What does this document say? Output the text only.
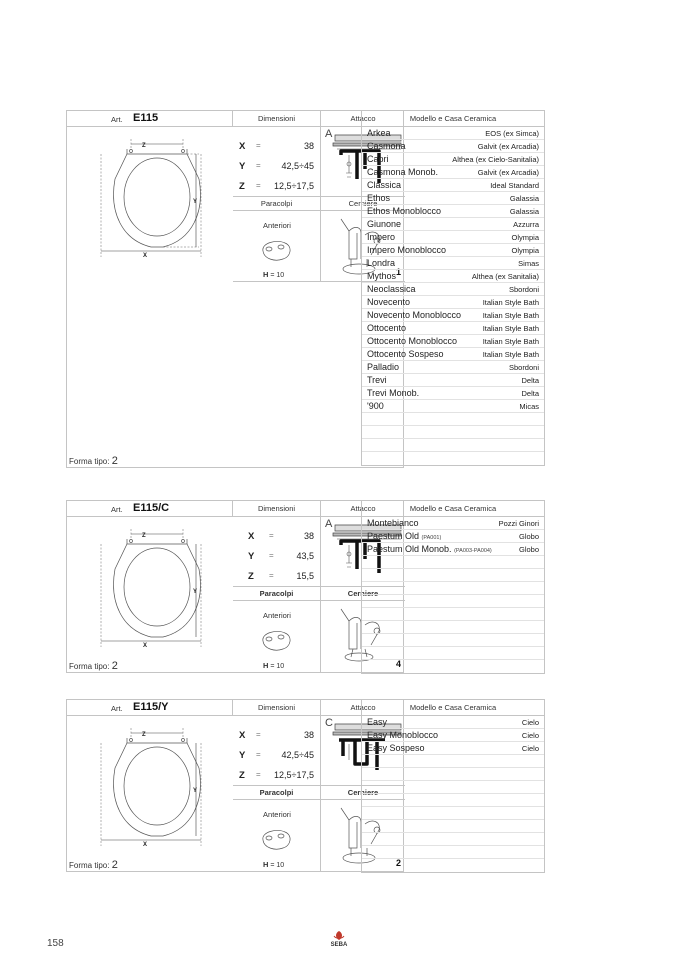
Art. E115	Dimensioni	Attacco
Z
X
Y
Forma tipo: 2
X =	38
Y = 42,5÷45
Z = 12,5÷17,5
A
Paracolpi	Cerniere
Anteriori
H = 10	1
Modello e Casa Ceramica
Arkea	EOS (ex Simca)
Casmona	Galvit (ex Arcadia)
Capri	Althea (ex Cielo-Sanitalia)
Casmona Monob.	Galvit (ex Arcadia)
Classica	Ideal Standard
Ethos	Galassia
Ethos Monoblocco	Galassia
Giunone	Azzurra
Impero	Olympia
Impero Monoblocco	Olympia
Londra	Simas
Mythos	Althea (ex Sanitalia)
Neoclassica	Sbordoni
Novecento	Italian Style Bath
Novecento Monoblocco	Italian Style Bath
Ottocento	Italian Style Bath
Ottocento Monoblocco	Italian Style Bath
Ottocento Sospeso	Italian Style Bath
Palladio	Sbordoni
Trevi	Delta
Trevi Monob.	Delta
'900	Micas
Art. E115/C	Dimensioni	Attacco
Z
X
Y
Forma tipo: 2
X =	38
Y =	43,5
Z =	15,5
A
Paracolpi	Cerniere
Anteriori
H = 10	4
Modello e Casa Ceramica
Montebianco	Pozzi Ginori
Paestum Old (PA001)	Globo
Paestum Old Monob. (PA003-PA004)	Globo
Art. E115/Y	Dimensioni	Attacco
Z
X
Y
Forma tipo: 2
X =	38
Y = 42,5÷45
Z = 12,5÷17,5
C
Paracolpi	Cerniere
Anteriori
H = 10	2
Modello e Casa Ceramica
Easy	Cielo
Easy Monoblocco	Cielo
Easy Sospeso	Cielo
158	SEBA
